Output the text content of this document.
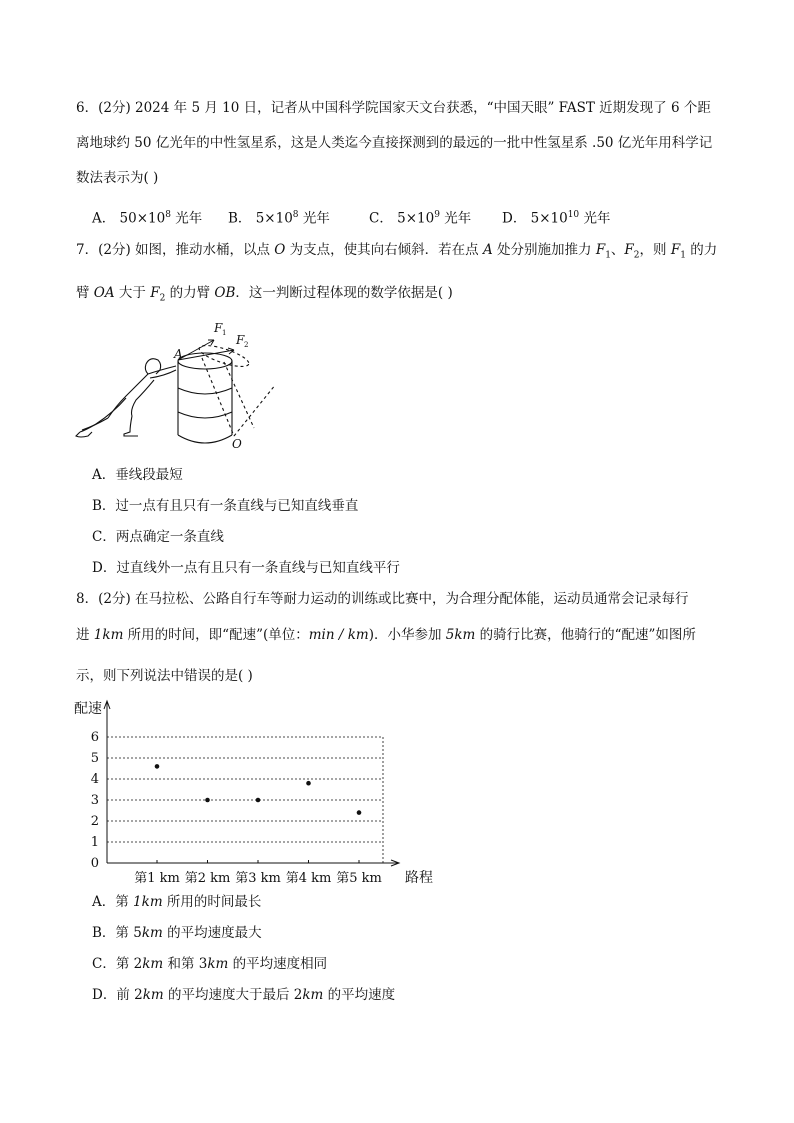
6．(2分) 2024 年 5 月 10 日，记者从中国科学院国家天文台获悉，“中国天眼” FAST 近期发现了 6 个距
离地球约 50 亿光年的中性氢星系，这是人类迄今直接探测到的最远的一批中性氢星系 .50 亿光年用科学记
数法表示为( )
A． $50\times 10^8$ 光年 B． $5\times 10^8$ 光年	C． $5\times 10^9$ 光年 D． $5\times 10^{10}$ 光年
7．(2分) 如图，推动水桶，以点 O 为支点，使其向右倾斜．若在点 A 处分别施加推力 $F_1$、$F_2$，则 $F_1$ 的力
臂 OA 大于 $F_2$ 的力臂 OB．这一判断过程体现的数学依据是( )
A
F 1 F 2
O
A．垂线段最短
B．过一点有且只有一条直线与已知直线垂直
C．两点确定一条直线
D．过直线外一点有且只有一条直线与已知直线平行
8．(2分) 在马拉松、公路自行车等耐力运动的训练或比赛中，为合理分配体能，运动员通常会记录每行
进 1km 所用的时间，即“配速”(单位：min / km)．小华参加 5km 的骑行比赛，他骑行的“配速”如图所
示，则下列说法中错误的是( )
0
1
2
3
4
5
6
配速
路程
第1 km 第2 km 第3 km 第4 km 第5 km
A．第 1km 所用的时间最长
B．第 5km 的平均速度最大
C．第 2km 和第 3km 的平均速度相同
D．前 2km 的平均速度大于最后 2km 的平均速度
